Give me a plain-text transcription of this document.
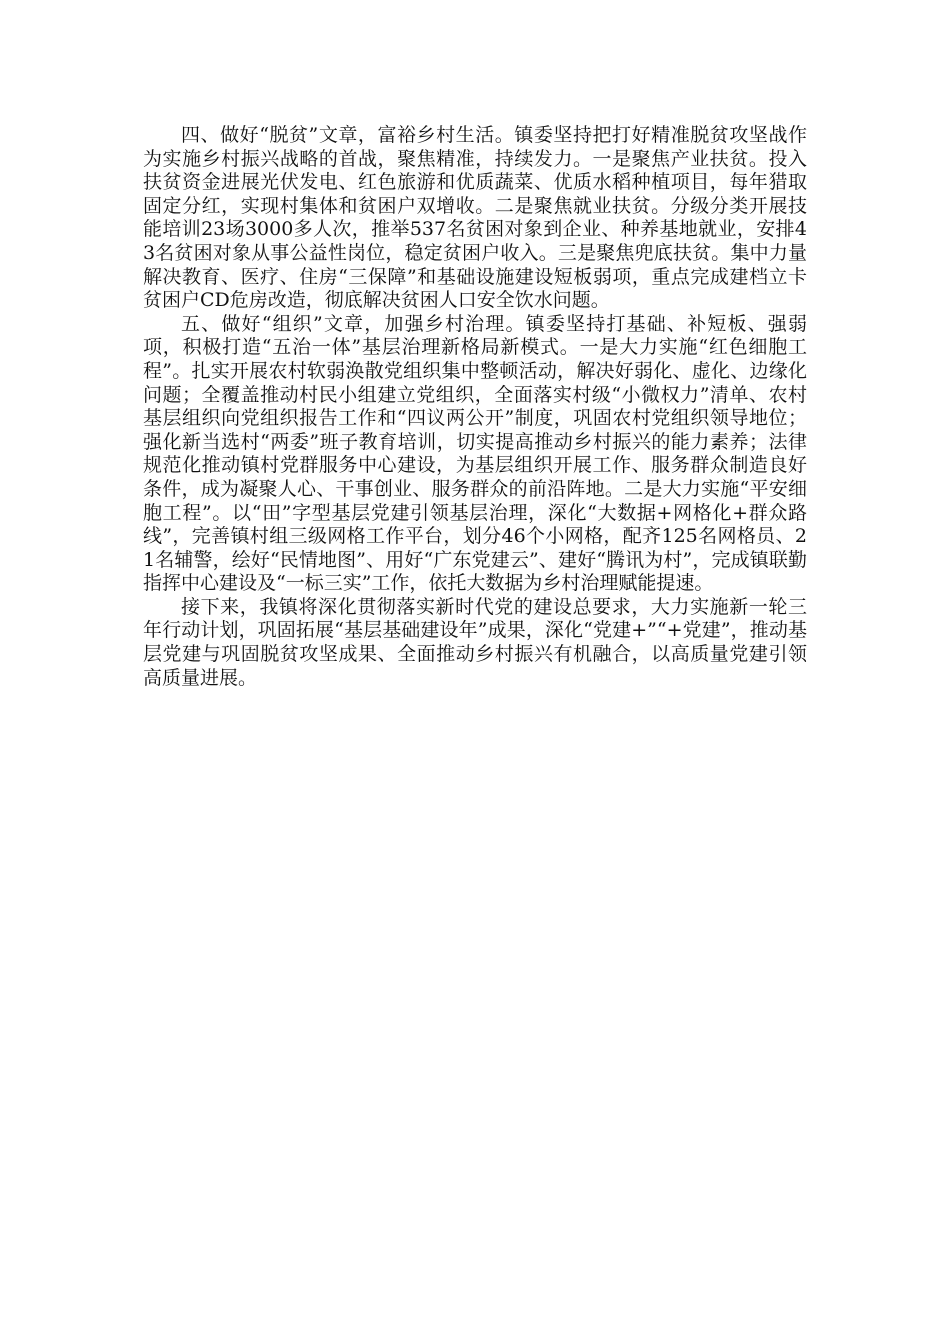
四、做好“脱贫”文章，富裕乡村生活。镇委坚持把打好精准脱贫攻坚战作为实施乡村振兴战略的首战，聚焦精准，持续发力。一是聚焦产业扶贫。投入扶贫资金进展光伏发电、红色旅游和优质蔬菜、优质水稻种植项目，每年猎取固定分红，实现村集体和贫困户双增收。二是聚焦就业扶贫。分级分类开展技能培训23场3000多人次，推举537名贫困对象到企业、种养基地就业，安排43名贫困对象从事公益性岗位，稳定贫困户收入。三是聚焦兜底扶贫。集中力量解决教育、医疗、住房“三保障”和基础设施建设短板弱项，重点完成建档立卡贫困户CD危房改造，彻底解决贫困人口安全饮水问题。

五、做好“组织”文章，加强乡村治理。镇委坚持打基础、补短板、强弱项，积极打造“五治一体”基层治理新格局新模式。一是大力实施“红色细胞工程”。扎实开展农村软弱涣散党组织集中整顿活动，解决好弱化、虚化、边缘化问题；全覆盖推动村民小组建立党组织，全面落实村级“小微权力”清单、农村基层组织向党组织报告工作和“四议两公开”制度，巩固农村党组织领导地位；强化新当选村“两委”班子教育培训，切实提高推动乡村振兴的能力素养；法律规范化推动镇村党群服务中心建设，为基层组织开展工作、服务群众制造良好条件，成为凝聚人心、干事创业、服务群众的前沿阵地。二是大力实施“平安细胞工程”。以“田”字型基层党建引领基层治理，深化“大数据+网格化+群众路线”，完善镇村组三级网格工作平台，划分46个小网格，配齐125名网格员、21名辅警，绘好“民情地图”、用好“广东党建云”、建好“腾讯为村”，完成镇联勤指挥中心建设及“一标三实”工作，依托大数据为乡村治理赋能提速。

接下来，我镇将深化贯彻落实新时代党的建设总要求，大力实施新一轮三年行动计划，巩固拓展“基层基础建设年”成果，深化“党建+”“+党建”，推动基层党建与巩固脱贫攻坚成果、全面推动乡村振兴有机融合，以高质量党建引领高质量进展。
